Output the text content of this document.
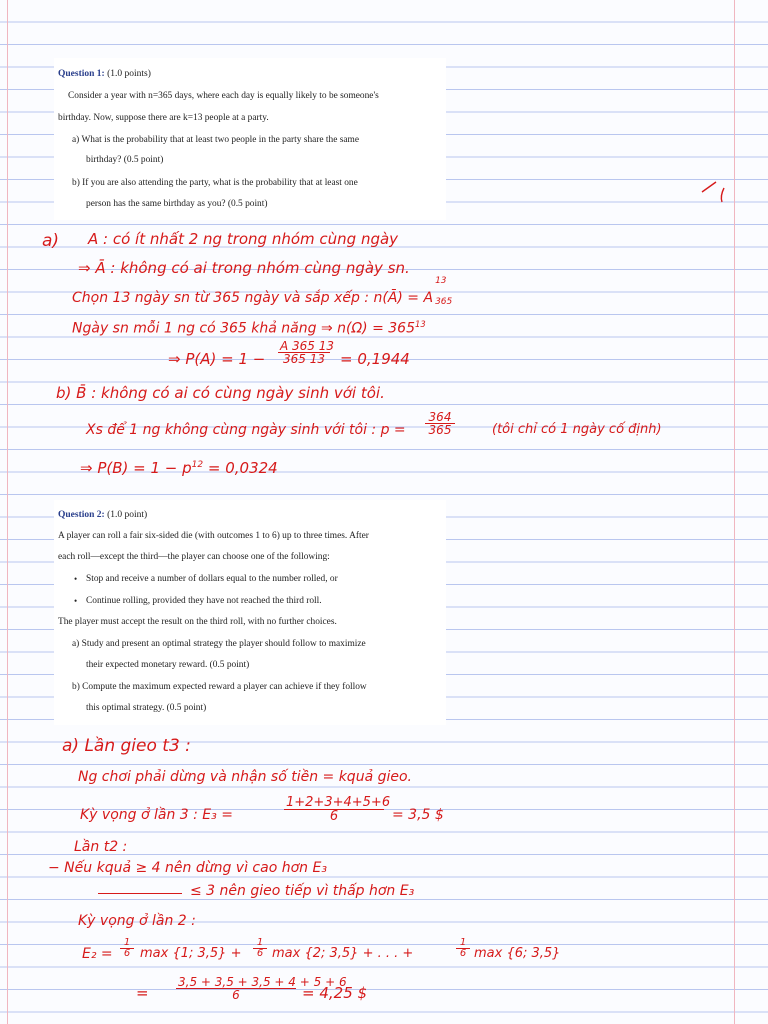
Question 1: (1.0 points)
Consider a year with n=365 days, where each day is equally likely to be someone's
birthday. Now, suppose there are k=13 people at a party.
a) What is the probability that at least two people in the party share the same
birthday? (0.5 point)
b) If you are also attending the party, what is the probability that at least one
person has the same birthday as you? (0.5 point)
a) A : có ít nhất 2 ng trong nhóm cùng ngày
⇒ Ā : không có ai trong nhóm cùng ngày sn.
Chọn 13 ngày sn từ 365 ngày và sắp xếp : n(Ā) = A
13
365
Ngày sn mỗi 1 ng có 365 khả năng ⇒ $n(\Omega) = 365^{13}$
⇒ $P(A) = 1 - \frac{A 365 13}{365 13} = 0,1944$
b) B̄ : không có ai có cùng ngày sinh với tôi.
Xs để 1 ng không cùng ngày sinh với tôi : $p = \frac{364}{365}$	(tôi chỉ có 1 ngày cố định)
⇒ $P(B) = 1 - p^{12} = 0,0324$
Question 2: (1.0 point)
A player can roll a fair six-sided die (with outcomes 1 to 6) up to three times. After
each roll—except the third—the player can choose one of the following:
• Stop and receive a number of dollars equal to the number rolled, or
• Continue rolling, provided they have not reached the third roll.
The player must accept the result on the third roll, with no further choices.
a) Study and present an optimal strategy the player should follow to maximize
their expected monetary reward. (0.5 point)
b) Compute the maximum expected reward a player can achieve if they follow
this optimal strategy. (0.5 point)
a) Lần gieo t3 :
Ng chơi phải dừng và nhận số tiền = kquả gieo.
Kỳ vọng ở lần 3 : E₃ =	$\frac{1+2+3+4+5+6}{6} = 3,5$ $
Lần t2 :
− Nếu kquả ≥ 4 nên dừng vì cao hơn E₃
≤ 3 nên gieo tiếp vì thấp hơn E₃
Kỳ vọng ở lần 2 :
$E_2 = \frac{1}{6}$ max {1; $3,5\} + \frac{1}{6}$ max {2; 3,5} + . . . +	$\frac{1}{6}$ max {6; 3,5}
= $\frac{3,5 + 3,5 + 3,5 + 4 + 5 + 6}{6} = 4,25$ $
